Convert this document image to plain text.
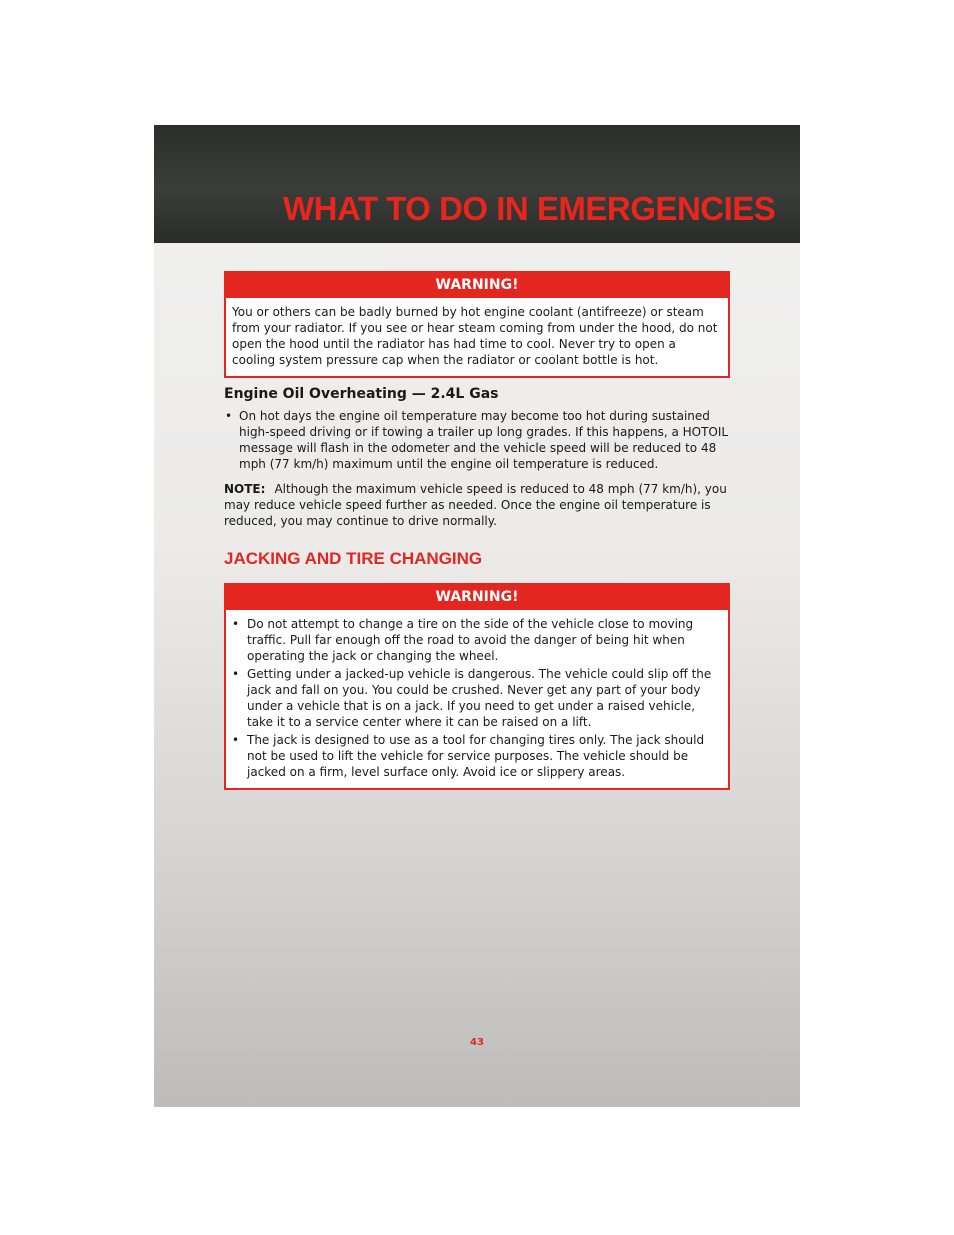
WHAT TO DO IN EMERGENCIES
WARNING!
You or others can be badly burned by hot engine coolant (antifreeze) or steam from your radiator. If you see or hear steam coming from under the hood, do not open the hood until the radiator has had time to cool. Never try to open a cooling system pressure cap when the radiator or coolant bottle is hot.
Engine Oil Overheating — 2.4L Gas
• On hot days the engine oil temperature may become too hot during sustained high-speed driving or if towing a trailer up long grades. If this happens, a HOTOIL message will flash in the odometer and the vehicle speed will be reduced to 48 mph (77 km/h) maximum until the engine oil temperature is reduced.

NOTE: Although the maximum vehicle speed is reduced to 48 mph (77 km/h), you may reduce vehicle speed further as needed. Once the engine oil temperature is reduced, you may continue to drive normally.

JACKING AND TIRE CHANGING
WARNING!
• Do not attempt to change a tire on the side of the vehicle close to moving traffic. Pull far enough off the road to avoid the danger of being hit when operating the jack or changing the wheel.
• Getting under a jacked-up vehicle is dangerous. The vehicle could slip off the jack and fall on you. You could be crushed. Never get any part of your body under a vehicle that is on a jack. If you need to get under a raised vehicle, take it to a service center where it can be raised on a lift.
• The jack is designed to use as a tool for changing tires only. The jack should not be used to lift the vehicle for service purposes. The vehicle should be jacked on a firm, level surface only. Avoid ice or slippery areas.
43
